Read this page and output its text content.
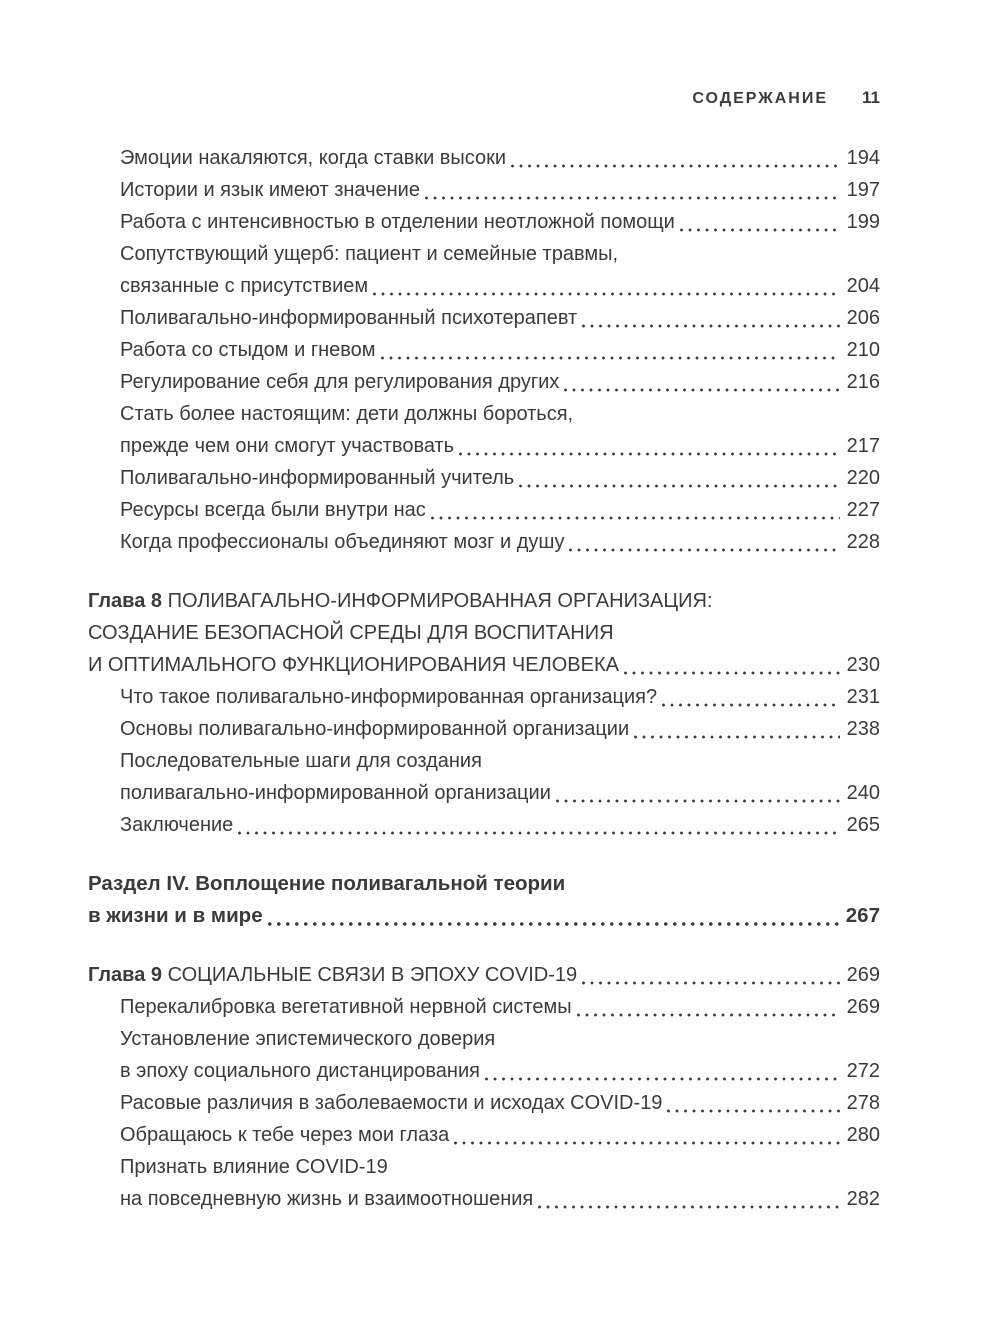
СОДЕРЖАНИЕ 11
Эмоции накаляются, когда ставки высоки	194
Истории и язык имеют значение	197
Работа с интенсивностью в отделении неотложной помощи	199
Сопутствующий ущерб: пациент и семейные травмы,
связанные с присутствием	204
Поливагально-информированный психотерапевт	206
Работа со стыдом и гневом	210
Регулирование себя для регулирования других	216
Стать более настоящим: дети должны бороться,
прежде чем они смогут участвовать	217
Поливагально-информированный учитель	220
Ресурсы всегда были внутри нас	227
Когда профессионалы объединяют мозг и душу	228
Глава 8 ПОЛИВАГАЛЬНО-ИНФОРМИРОВАННАЯ ОРГАНИЗАЦИЯ:
СОЗДАНИЕ БЕЗОПАСНОЙ СРЕДЫ ДЛЯ ВОСПИТАНИЯ
И ОПТИМАЛЬНОГО ФУНКЦИОНИРОВАНИЯ ЧЕЛОВЕКА	230
Что такое поливагально-информированная организация?	231
Основы поливагально-информированной организации	238
Последовательные шаги для создания
поливагально-информированной организации	240
Заключение	265
Раздел IV. Воплощение поливагальной теории
в жизни и в мире	267
Глава 9 СОЦИАЛЬНЫЕ СВЯЗИ В ЭПОХУ COVID-19	269
Перекалибровка вегетативной нервной системы	269
Установление эпистемического доверия
в эпоху социального дистанцирования	272
Расовые различия в заболеваемости и исходах COVID-19	278
Обращаюсь к тебе через мои глаза	280
Признать влияние COVID-19
на повседневную жизнь и взаимоотношения	282
